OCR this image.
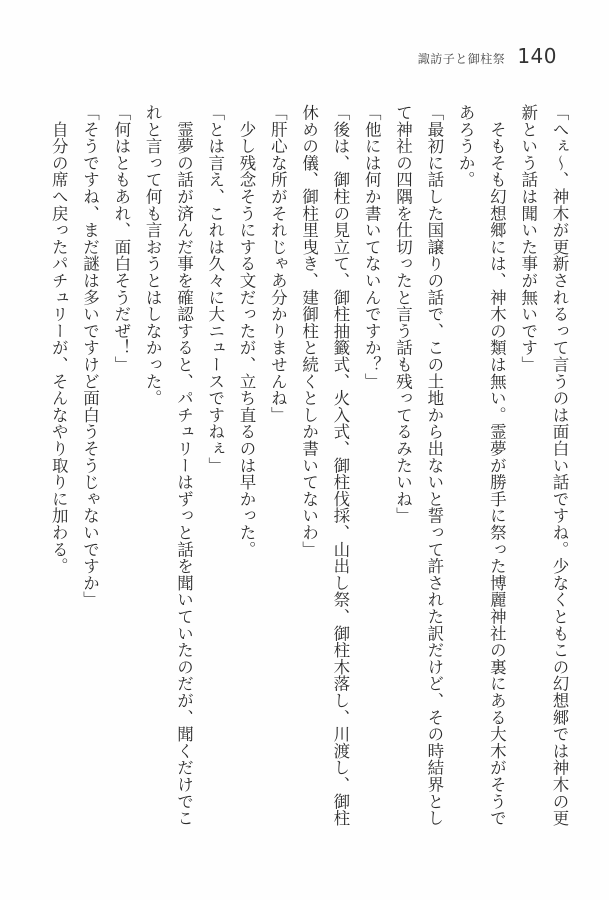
諏訪子と御柱祭 140
「へぇ～、神木が更新されるって言うのは面白い話ですね。少なくともこの幻想郷では神木の更
新という話は聞いた事が無いです」
　そもそも幻想郷には、神木の類は無い。霊夢が勝手に祭った博麗神社の裏にある大木がそうで
あろうか。
「最初に話した国譲りの話で、この土地から出ないと誓って許された訳だけど、その時結界とし
て神社の四隅を仕切ったと言う話も残ってるみたいね」
「他には何か書いてないんですか？」
「後は、御柱の見立て、御柱抽籤式、火入式、御柱伐採、山出し祭、御柱木落し、川渡し、御柱
休めの儀、御柱里曳き、建御柱と続くとしか書いてないわ」
「肝心な所がそれじゃあ分かりませんね」
　少し残念そうにする文だったが、立ち直るのは早かった。
「とは言え、これは久々に大ニュースですねぇ」
　霊夢の話が済んだ事を確認すると、パチュリーはずっと話を聞いていたのだが、聞くだけでこ
れと言って何も言おうとはしなかった。
「何はともあれ、面白そうだぜ！」
「そうですね、まだ謎は多いですけど面白うそうじゃないですか」
　自分の席へ戻ったパチュリーが、そんなやり取りに加わる。
